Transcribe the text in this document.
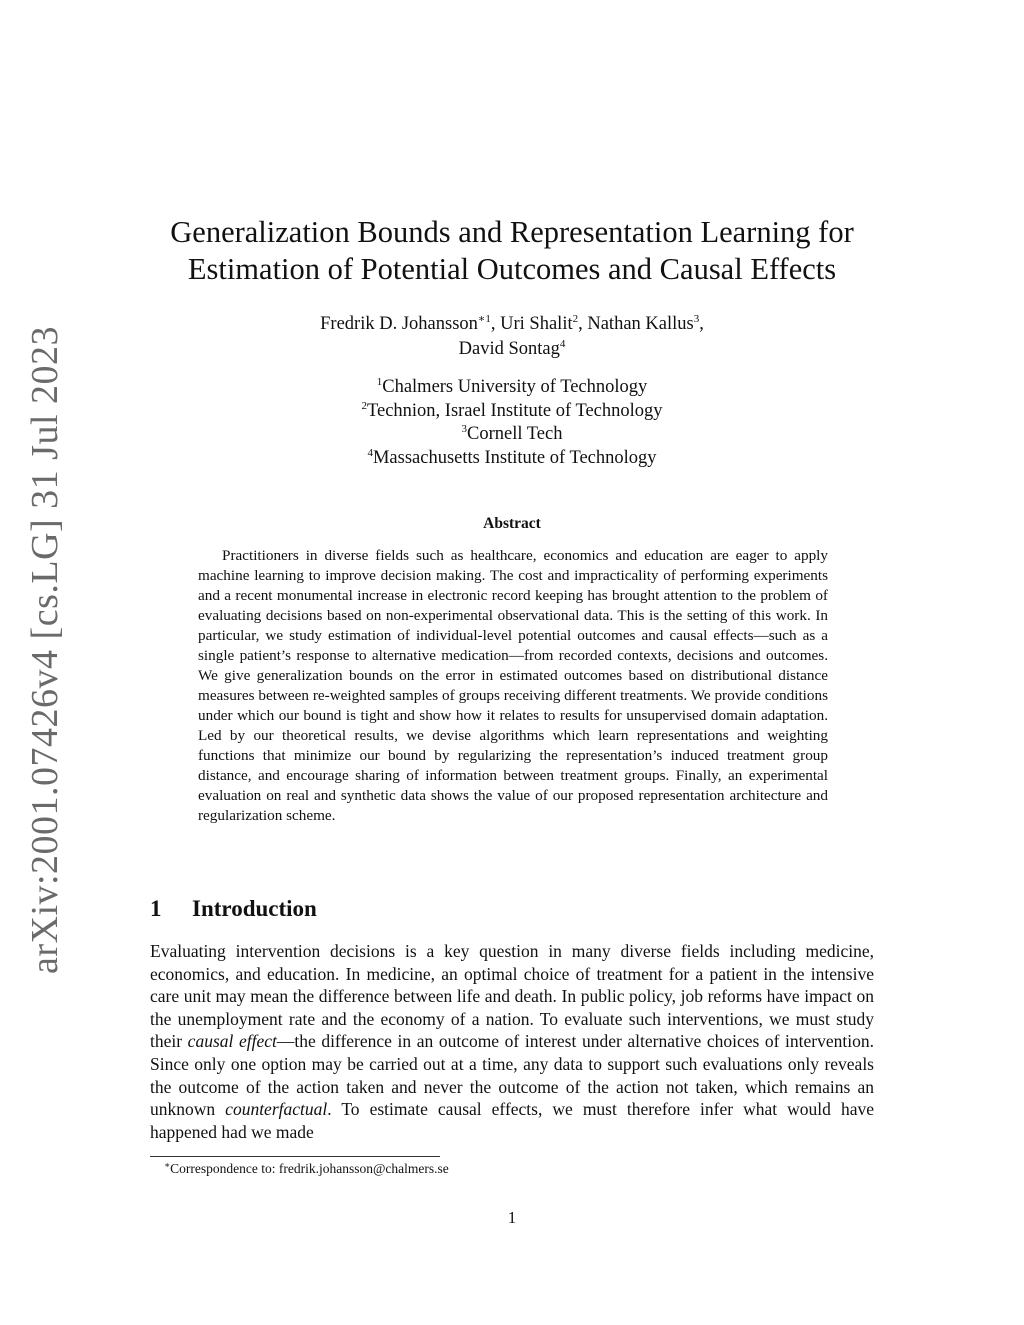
arXiv:2001.07426v4 [cs.LG] 31 Jul 2023
Generalization Bounds and Representation Learning for
Estimation of Potential Outcomes and Causal Effects
Fredrik D. Johansson$^{∗1}$, Uri Shalit$^2$, Nathan Kallus$^3$,
David Sontag$^4$
$^1$Chalmers University of Technology
$^2$Technion, Israel Institute of Technology
$^3$Cornell Tech
$^4$Massachusetts Institute of Technology
Abstract

Practitioners in diverse fields such as healthcare, economics and education are eager to apply machine learning to improve decision making. The cost and impracticality of performing experiments and a recent monumental increase in electronic record keeping has brought attention to the problem of evaluating decisions based on non-experimental observational data. This is the setting of this work. In particular, we study estimation of individual-level potential outcomes and causal effects—such as a single patient’s response to alternative medication—from recorded contexts, decisions and outcomes. We give generalization bounds on the error in estimated outcomes based on distributional distance measures between re-weighted samples of groups receiving different treatments. We provide conditions under which our bound is tight and show how it relates to results for unsupervised domain adaptation. Led by our theoretical results, we devise algorithms which learn representations and weighting functions that minimize our bound by regularizing the representation’s induced treatment group distance, and encourage sharing of information between treatment groups. Finally, an experimental evaluation on real and synthetic data shows the value of our proposed representation architecture and regularization scheme.

1 Introduction

Evaluating intervention decisions is a key question in many diverse fields including medicine, economics, and education. In medicine, an optimal choice of treatment for a patient in the intensive care unit may mean the difference between life and death. In public policy, job reforms have impact on the unemployment rate and the economy of a nation. To evaluate such interventions, we must study their causal effect—the difference in an outcome of interest under alternative choices of intervention. Since only one option may be carried out at a time, any data to support such evaluations only reveals the outcome of the action taken and never the outcome of the action not taken, which remains an unknown counterfactual. To estimate causal effects, we must therefore infer what would have happened had we made

∗Correspondence to: fredrik.johansson@chalmers.se
1
